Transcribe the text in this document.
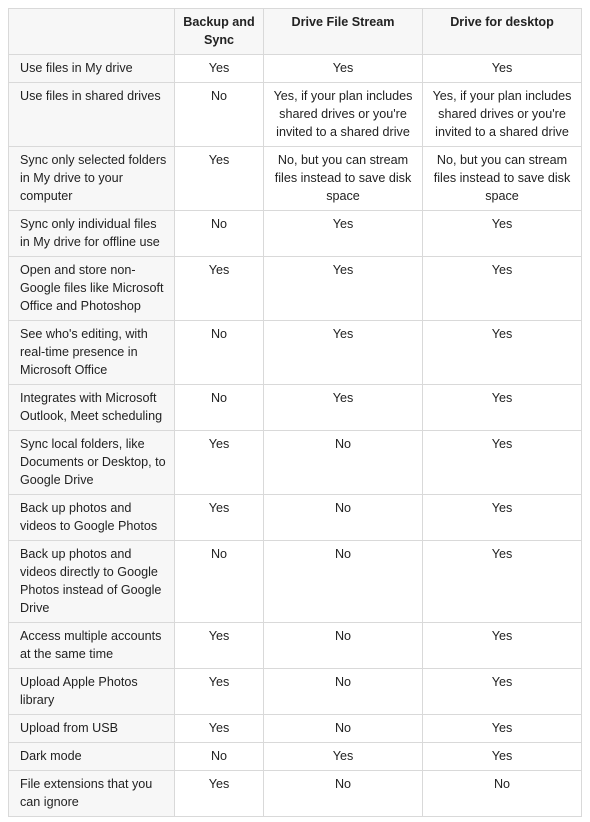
	Backup and Sync	Drive File Stream	Drive for desktop
Use files in My drive	Yes	Yes	Yes
Use files in shared drives	No	Yes, if your plan includes shared drives or you're invited to a shared drive	Yes, if your plan includes shared drives or you're invited to a shared drive
Sync only selected folders in My drive to your computer	Yes	No, but you can stream files instead to save disk space	No, but you can stream files instead to save disk space
Sync only individual files in My drive for offline use	No	Yes	Yes
Open and store non-Google files like Microsoft Office and Photoshop	Yes	Yes	Yes
See who's editing, with real-time presence in Microsoft Office	No	Yes	Yes
Integrates with Microsoft Outlook, Meet scheduling	No	Yes	Yes
Sync local folders, like Documents or Desktop, to Google Drive	Yes	No	Yes
Back up photos and videos to Google Photos	Yes	No	Yes
Back up photos and videos directly to Google Photos instead of Google Drive	No	No	Yes
Access multiple accounts at the same time	Yes	No	Yes
Upload Apple Photos library	Yes	No	Yes
Upload from USB	Yes	No	Yes
Dark mode	No	Yes	Yes
File extensions that you can ignore	Yes	No	No
